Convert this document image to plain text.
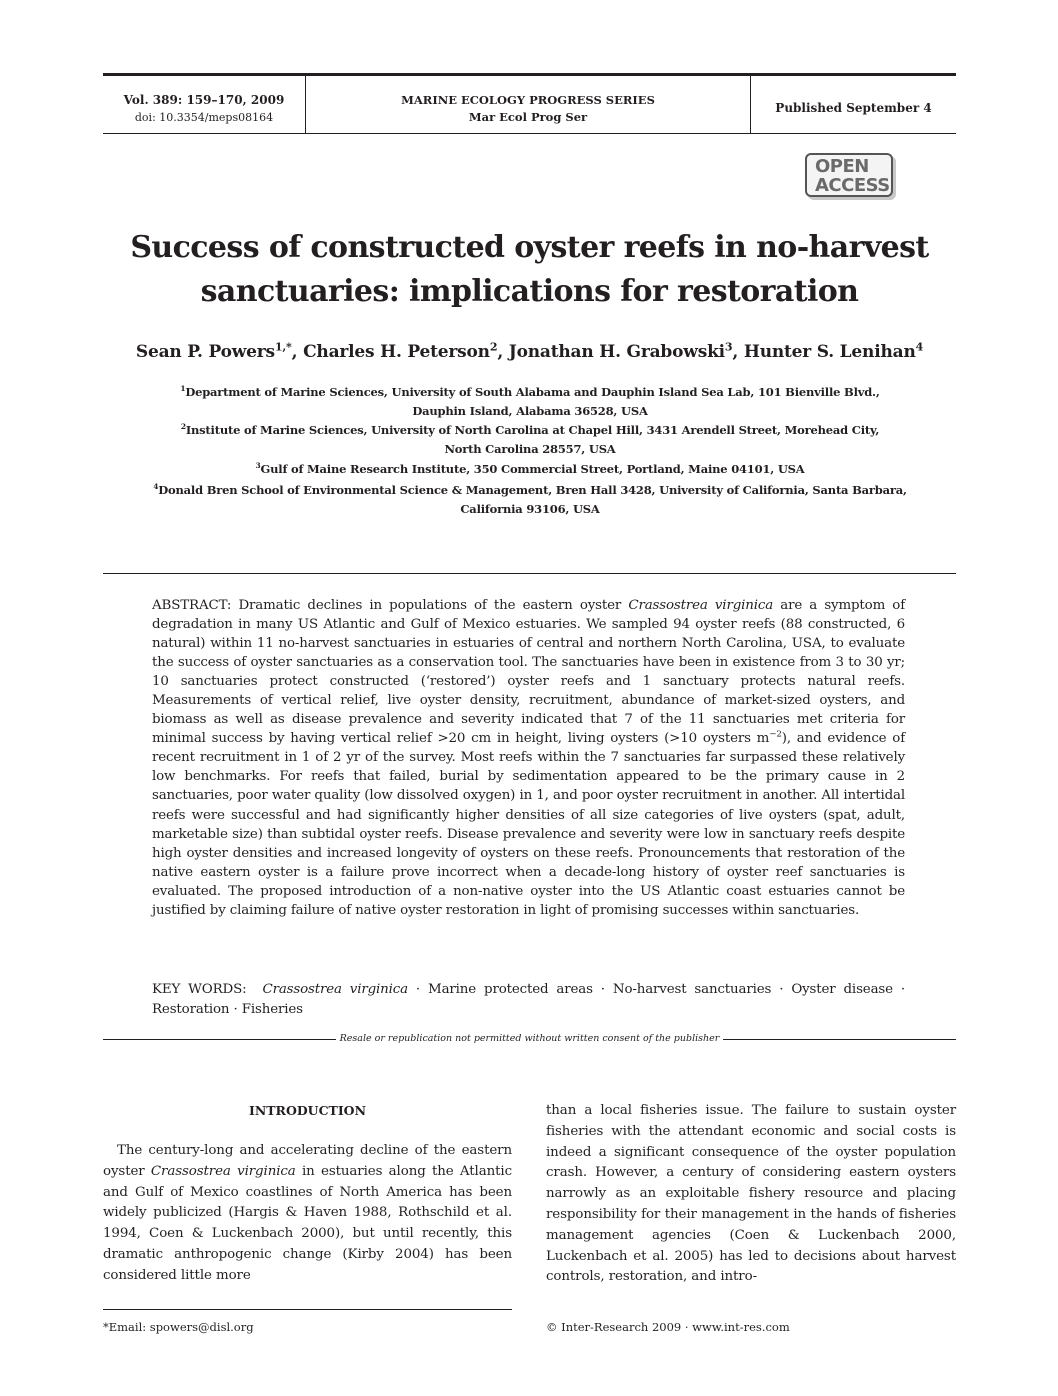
Vol. 389: 159–170, 2009
doi: 10.3354/meps08164
MARINE ECOLOGY PROGRESS SERIES
Mar Ecol Prog Ser
Published September 4
OPEN
ACCESS
Success of constructed oyster reefs in no-harvest
sanctuaries: implications for restoration
Sean P. Powers$^{1,*}$, Charles H. Peterson$^2$, Jonathan H. Grabowski$^3$, Hunter S. Lenihan$^4$
$^1$Department of Marine Sciences, University of South Alabama and Dauphin Island Sea Lab, 101 Bienville Blvd.,
Dauphin Island, Alabama 36528, USA
$^2$Institute of Marine Sciences, University of North Carolina at Chapel Hill, 3431 Arendell Street, Morehead City,
North Carolina 28557, USA
$^3$Gulf of Maine Research Institute, 350 Commercial Street, Portland, Maine 04101, USA
$^4$Donald Bren School of Environmental Science & Management, Bren Hall 3428, University of California, Santa Barbara,
California 93106, USA
ABSTRACT: Dramatic declines in populations of the eastern oyster Crassostrea virginica are a symptom of degradation in many US Atlantic and Gulf of Mexico estuaries. We sampled 94 oyster reefs (88 constructed, 6 natural) within 11 no-harvest sanctuaries in estuaries of central and northern North Carolina, USA, to evaluate the success of oyster sanctuaries as a conservation tool. The sanctuaries have been in existence from 3 to 30 yr; 10 sanctuaries protect constructed (‘restored’) oyster reefs and 1 sanctuary protects natural reefs. Measurements of vertical relief, live oyster density, recruitment, abundance of market-sized oysters, and biomass as well as disease prevalence and severity indicated that 7 of the 11 sanctuaries met criteria for minimal success by having vertical relief >20 cm in height, living oysters (>10 oysters $m^{-2}$), and evidence of recent recruitment in 1 of 2 yr of the survey. Most reefs within the 7 sanctuaries far surpassed these relatively low benchmarks. For reefs that failed, burial by sedimentation appeared to be the primary cause in 2 sanctuaries, poor water quality (low dissolved oxygen) in 1, and poor oyster recruitment in another. All intertidal reefs were successful and had significantly higher densities of all size categories of live oysters (spat, adult, marketable size) than subtidal oyster reefs. Disease prevalence and severity were low in sanctuary reefs despite high oyster densities and increased longevity of oysters on these reefs. Pronouncements that restoration of the native eastern oyster is a failure prove incorrect when a decade-long history of oyster reef sanctuaries is evaluated. The proposed introduction of a non-native oyster into the US Atlantic coast estuaries cannot be justified by claiming failure of native oyster restoration in light of promising successes within sanctuaries.
KEY WORDS: Crassostrea virginica · Marine protected areas · No-harvest sanctuaries · Oyster disease · Restoration · Fisheries
Resale or republication not permitted without written consent of the publisher
INTRODUCTION

The century-long and accelerating decline of the eastern oyster Crassostrea virginica in estuaries along the Atlantic and Gulf of Mexico coastlines of North America has been widely publicized (Hargis & Haven 1988, Rothschild et al. 1994, Coen & Luckenbach 2000), but until recently, this dramatic anthropogenic change (Kirby 2004) has been considered little more

than a local fisheries issue. The failure to sustain oyster fisheries with the attendant economic and social costs is indeed a significant consequence of the oyster population crash. However, a century of considering eastern oysters narrowly as an exploitable fishery resource and placing responsibility for their management in the hands of fisheries management agencies (Coen & Luckenbach 2000, Luckenbach et al. 2005) has led to decisions about harvest controls, restoration, and intro-
*Email: spowers@disl.org	© Inter-Research 2009 · www.int-res.com
